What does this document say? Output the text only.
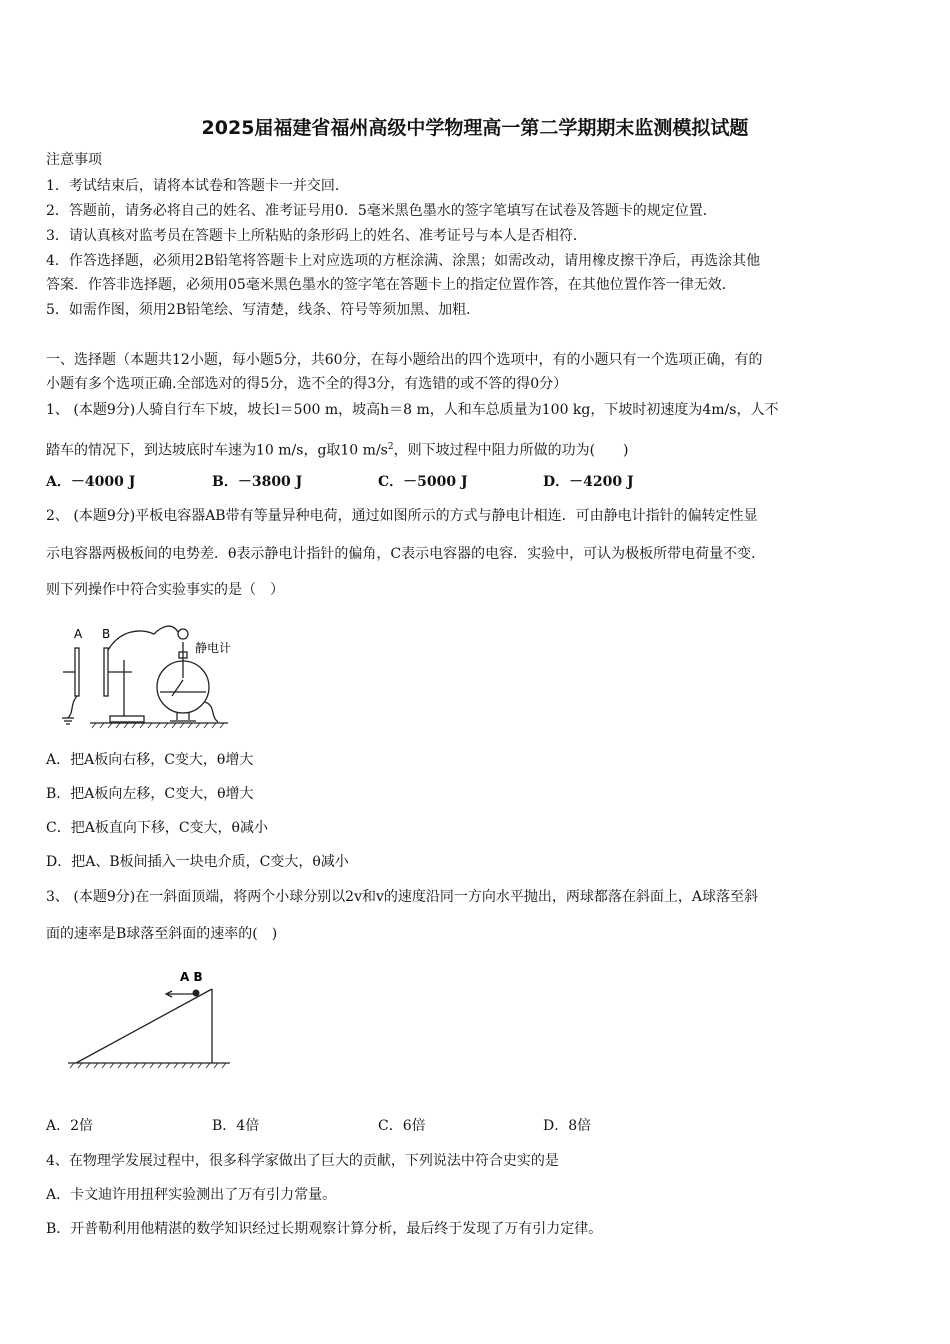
2025届福建省福州高级中学物理高一第二学期期末监测模拟试题
注意事项
1．考试结束后，请将本试卷和答题卡一并交回．
2．答题前，请务必将自己的姓名、准考证号用0．5毫米黑色墨水的签字笔填写在试卷及答题卡的规定位置．
3．请认真核对监考员在答题卡上所粘贴的条形码上的姓名、准考证号与本人是否相符．
4．作答选择题，必须用2B铅笔将答题卡上对应选项的方框涂满、涂黑；如需改动，请用橡皮擦干净后，再选涂其他
答案．作答非选择题，必须用05毫米黑色墨水的签字笔在答题卡上的指定位置作答，在其他位置作答一律无效．
5．如需作图，须用2B铅笔绘、写清楚，线条、符号等须加黑、加粗．
一、选择题（本题共12小题，每小题5分，共60分，在每小题给出的四个选项中，有的小题只有一个选项正确，有的
小题有多个选项正确.全部选对的得5分，选不全的得3分，有选错的或不答的得0分）
1、 (本题9分)人骑自行车下坡，坡长l＝500 m，坡高h＝8 m，人和车总质量为100 kg，下坡时初速度为4m/s，人不
踏车的情况下，到达坡底时车速为10 m/s，g取10 $m/s^2$，则下坡过程中阻力所做的功为(　　)
A．－4000 J	B．－3800 J	C．－5000 J	D．－4200 J
2、 (本题9分)平板电容器AB带有等量异种电荷，通过如图所示的方式与静电计相连．可由静电计指针的偏转定性显
示电容器两极板间的电势差．θ表示静电计指针的偏角，C表示电容器的电容．实验中，可认为极板所带电荷量不变．
则下列操作中符合实验事实的是（　）
A B
静电计
A．把A板向右移，C变大，θ增大
B．把A板向左移，C变大，θ增大
C．把A板直向下移，C变大，θ减小
D．把A、B板间插入一块电介质，C变大，θ减小
3、 (本题9分)在一斜面顶端，将两个小球分别以2v和v的速度沿同一方向水平抛出，两球都落在斜面上，A球落至斜
面的速率是B球落至斜面的速率的(　)
A B
A．2倍	B．4倍	C．6倍	D．8倍
4、在物理学发展过程中，很多科学家做出了巨大的贡献，下列说法中符合史实的是
A．卡文迪许用扭秤实验测出了万有引力常量。
B．开普勒利用他精湛的数学知识经过长期观察计算分析，最后终于发现了万有引力定律。
